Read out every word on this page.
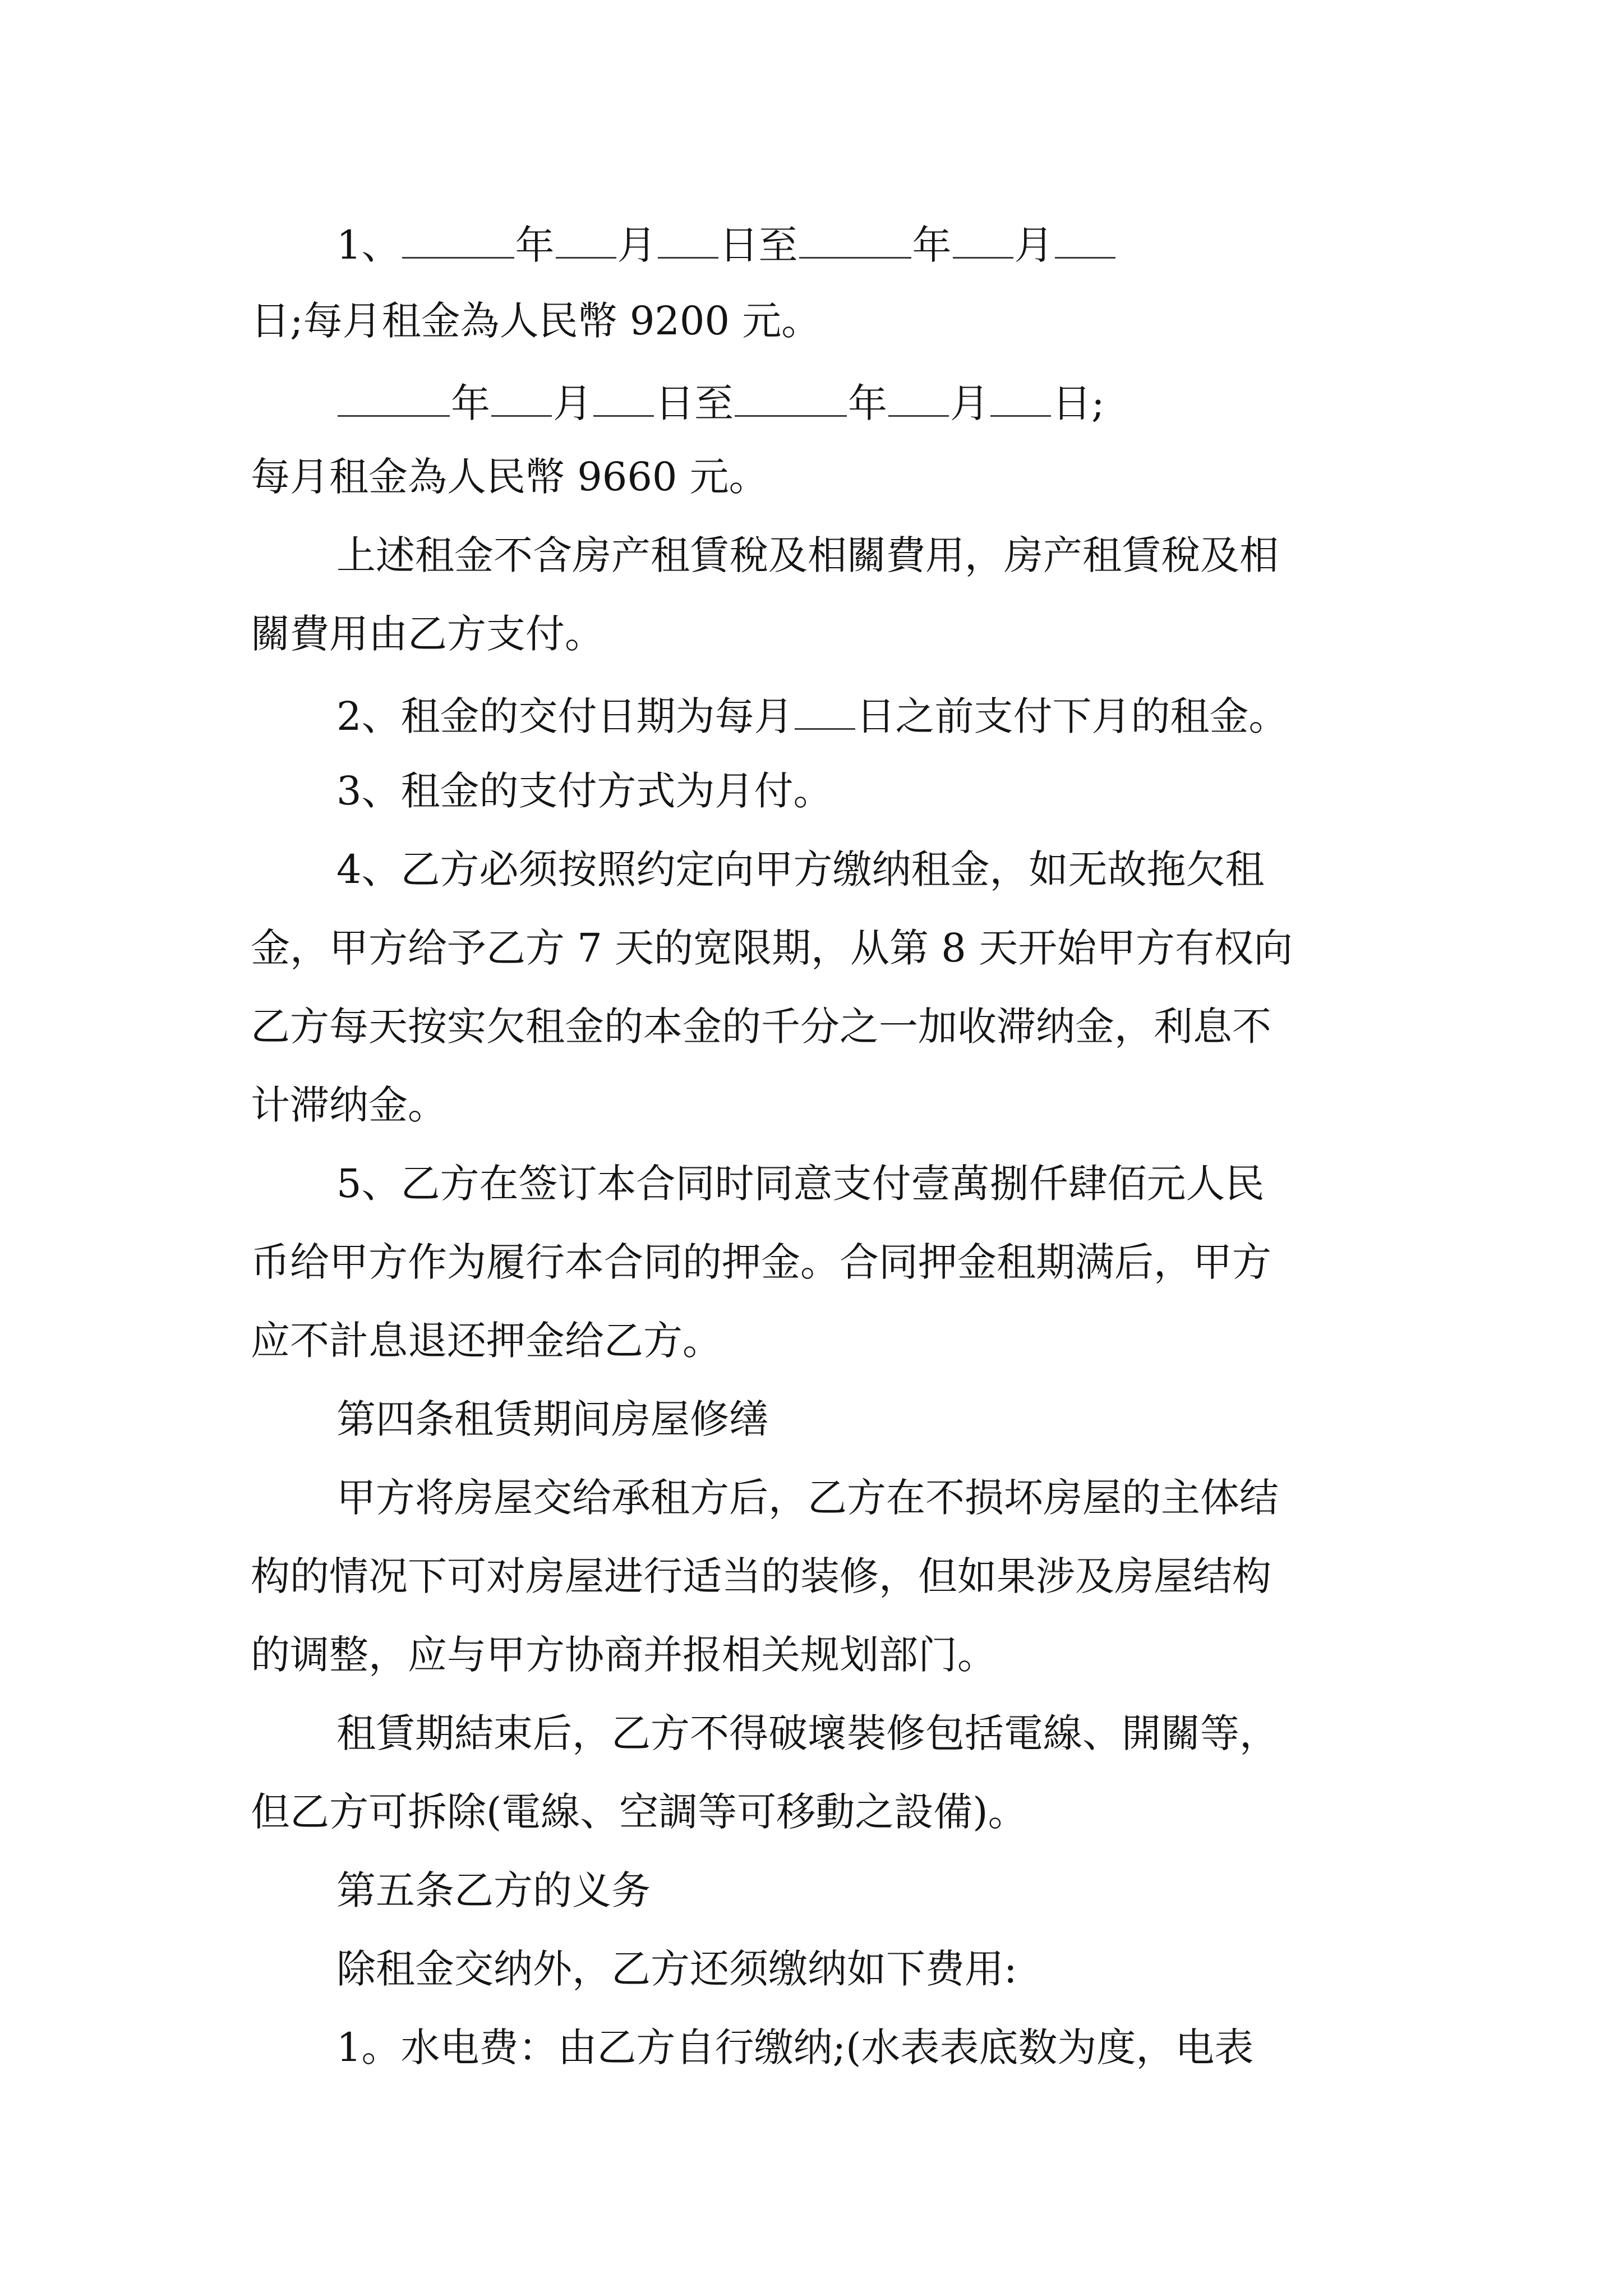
1、	年 月 日至	年 月
日;每月租金為人民幣 9200 元。
年 月 日至	年 月 日;
每月租金為人民幣 9660 元。
上述租金不含房产租賃稅及相關費用，房产租賃稅及相
關費用由乙方支付。
2、租金的交付日期为每月 日之前支付下月的租金。
3、租金的支付方式为月付。
4、乙方必须按照约定向甲方缴纳租金，如无故拖欠租
金，甲方给予乙方 7 天的宽限期，从第 8 天开始甲方有权向
乙方每天按实欠租金的本金的千分之一加收滞纳金，利息不
计滞纳金。
5、乙方在签订本合同时同意支付壹萬捌仟肆佰元人民
币给甲方作为履行本合同的押金。合同押金租期满后，甲方
应不計息退还押金给乙方。
第四条租赁期间房屋修缮
甲方将房屋交给承租方后，乙方在不损坏房屋的主体结
构的情况下可对房屋进行适当的装修，但如果涉及房屋结构
的调整，应与甲方协商并报相关规划部门。
租賃期結束后，乙方不得破壞裝修包括電線、開關等，
但乙方可拆除(電線、空調等可移動之設備)。
第五条乙方的义务
除租金交纳外，乙方还须缴纳如下费用:
1。水电费：由乙方自行缴纳;(水表表底数为度，电表
